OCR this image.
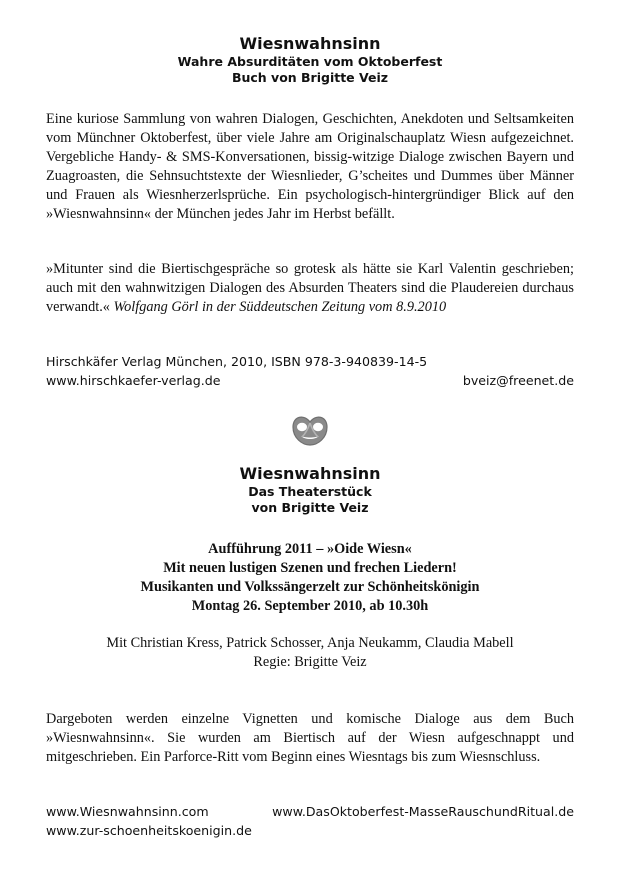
Wiesnwahnsinn
Wahre Absurditäten vom Oktoberfest
Buch von Brigitte Veiz

Eine kuriose Sammlung von wahren Dialogen, Geschichten, Anekdoten und Seltsamkeiten vom Münchner Oktoberfest, über viele Jahre am Originalschauplatz Wiesn aufgezeichnet. Vergebliche Handy- & SMS-Konversationen, bissig-witzige Dialoge zwischen Bayern und Zuagroasten, die Sehnsuchtstexte der Wiesnlieder, G’scheites und Dummes über Männer und Frauen als Wiesnherzerlsprüche. Ein psychologisch-hintergründiger Blick auf den »Wiesnwahnsinn« der München jedes Jahr im Herbst befällt.

»Mitunter sind die Biertischgespräche so grotesk als hätte sie Karl Valentin geschrieben; auch mit den wahnwitzigen Dialogen des Absurden Theaters sind die Plaudereien durchaus verwandt.« Wolfgang Görl in der Süddeutschen Zeitung vom 8.9.2010

Hirschkäfer Verlag München, 2010, ISBN 978-3-940839-14-5
www.hirschkaefer-verlag.de	bveiz@freenet.de
Wiesnwahnsinn
Das Theaterstück
von Brigitte Veiz
Aufführung 2011 – »Oide Wiesn«
Mit neuen lustigen Szenen und frechen Liedern!
Musikanten und Volkssängerzelt zur Schönheitskönigin
Montag 26. September 2010, ab 10.30h
Mit Christian Kress, Patrick Schosser, Anja Neukamm, Claudia Mabell
Regie: Brigitte Veiz

Dargeboten werden einzelne Vignetten und komische Dialoge aus dem Buch »Wiesnwahnsinn«. Sie wurden am Biertisch auf der Wiesn aufgeschnappt und mitgeschrieben. Ein Parforce-Ritt vom Beginn eines Wiesntags bis zum Wiesnschluss.

www.Wiesnwahnsinn.com	www.DasOktoberfest-MasseRauschundRitual.de
www.zur-schoenheitskoenigin.de
